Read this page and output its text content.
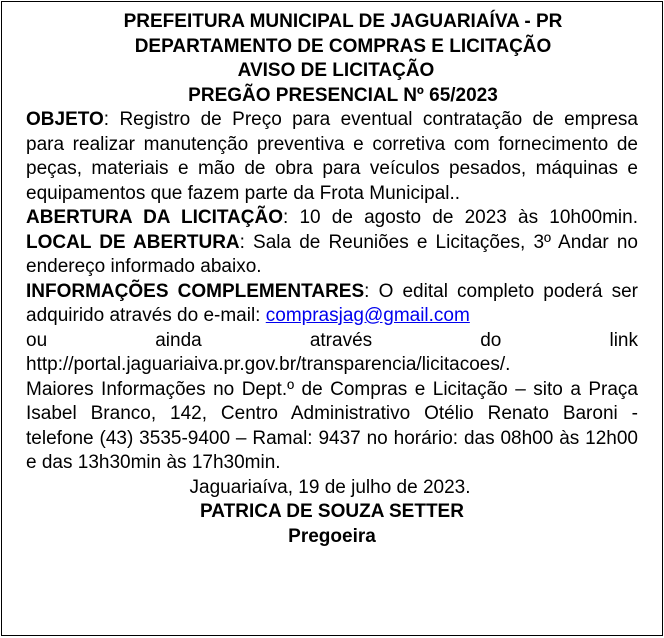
PREFEITURA MUNICIPAL DE JAGUARIAÍVA - PR

DEPARTAMENTO DE COMPRAS E LICITAÇÃO

AVISO DE LICITAÇÃO

PREGÃO PRESENCIAL Nº 65/2023

OBJETO: Registro de Preço para eventual contratação de empresa para realizar manutenção preventiva e corretiva com fornecimento de peças, materiais e mão de obra para veículos pesados, máquinas e equipamentos que fazem parte da Frota Municipal..

ABERTURA DA LICITAÇÃO: 10 de agosto de 2023 às 10h00min. LOCAL DE ABERTURA: Sala de Reuniões e Licitações, 3º Andar no endereço informado abaixo.

INFORMAÇÕES COMPLEMENTARES: O edital completo poderá ser adquirido através do e-mail: comprasjag@gmail.com

ou	ainda	através	do	link

http://portal.jaguariaiva.pr.gov.br/transparencia/licitacoes/.

Maiores Informações no Dept.º de Compras e Licitação – sito a Praça Isabel Branco, 142, Centro Administrativo Otélio Renato Baroni - telefone (43) 3535-9400 – Ramal: 9437 no horário: das 08h00 às 12h00 e das 13h30min às 17h30min.

Jaguariaíva, 19 de julho de 2023.

PATRICA DE SOUZA SETTER

Pregoeira
